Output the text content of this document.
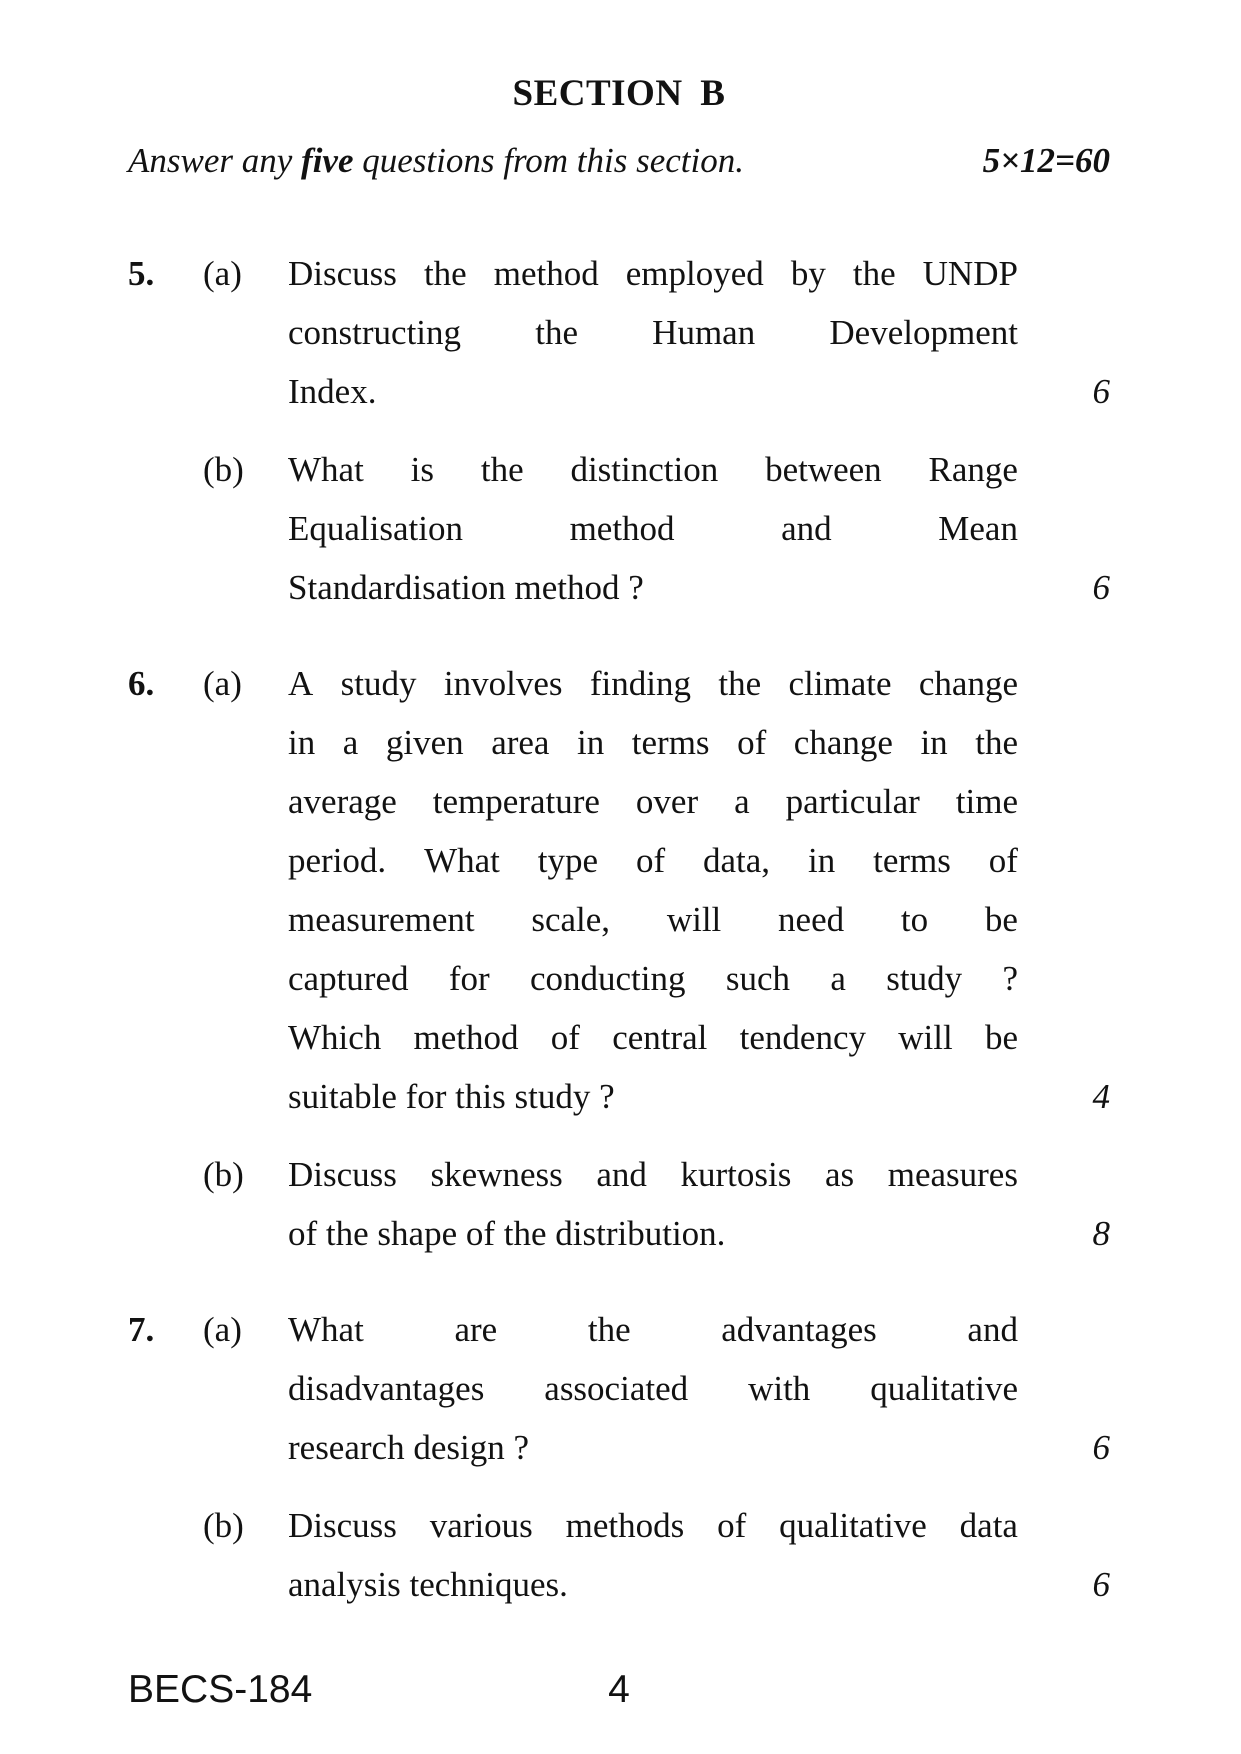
SECTION B
Answer any five questions from this section.	5×12=60
5.	(a)	Discuss the method employed by the UNDP
constructing the Human Development
Index.	6
(b)	What is the distinction between Range
Equalisation	method	and	Mean
Standardisation method ?	6
6.	(a)	A study involves finding the climate change
in a given area in terms of change in the
average temperature over a particular time
period. What type of data, in terms of
measurement scale, will need to be
captured for conducting such a study ?
Which method of central tendency will be
suitable for this study ?	4
(b)	Discuss skewness and kurtosis as measures
of the shape of the distribution.	8
7.	(a)	What	are	the	advantages	and
disadvantages associated with qualitative
research design ?	6
(b)	Discuss various methods of qualitative data
analysis techniques.	6
BECS-184	4
